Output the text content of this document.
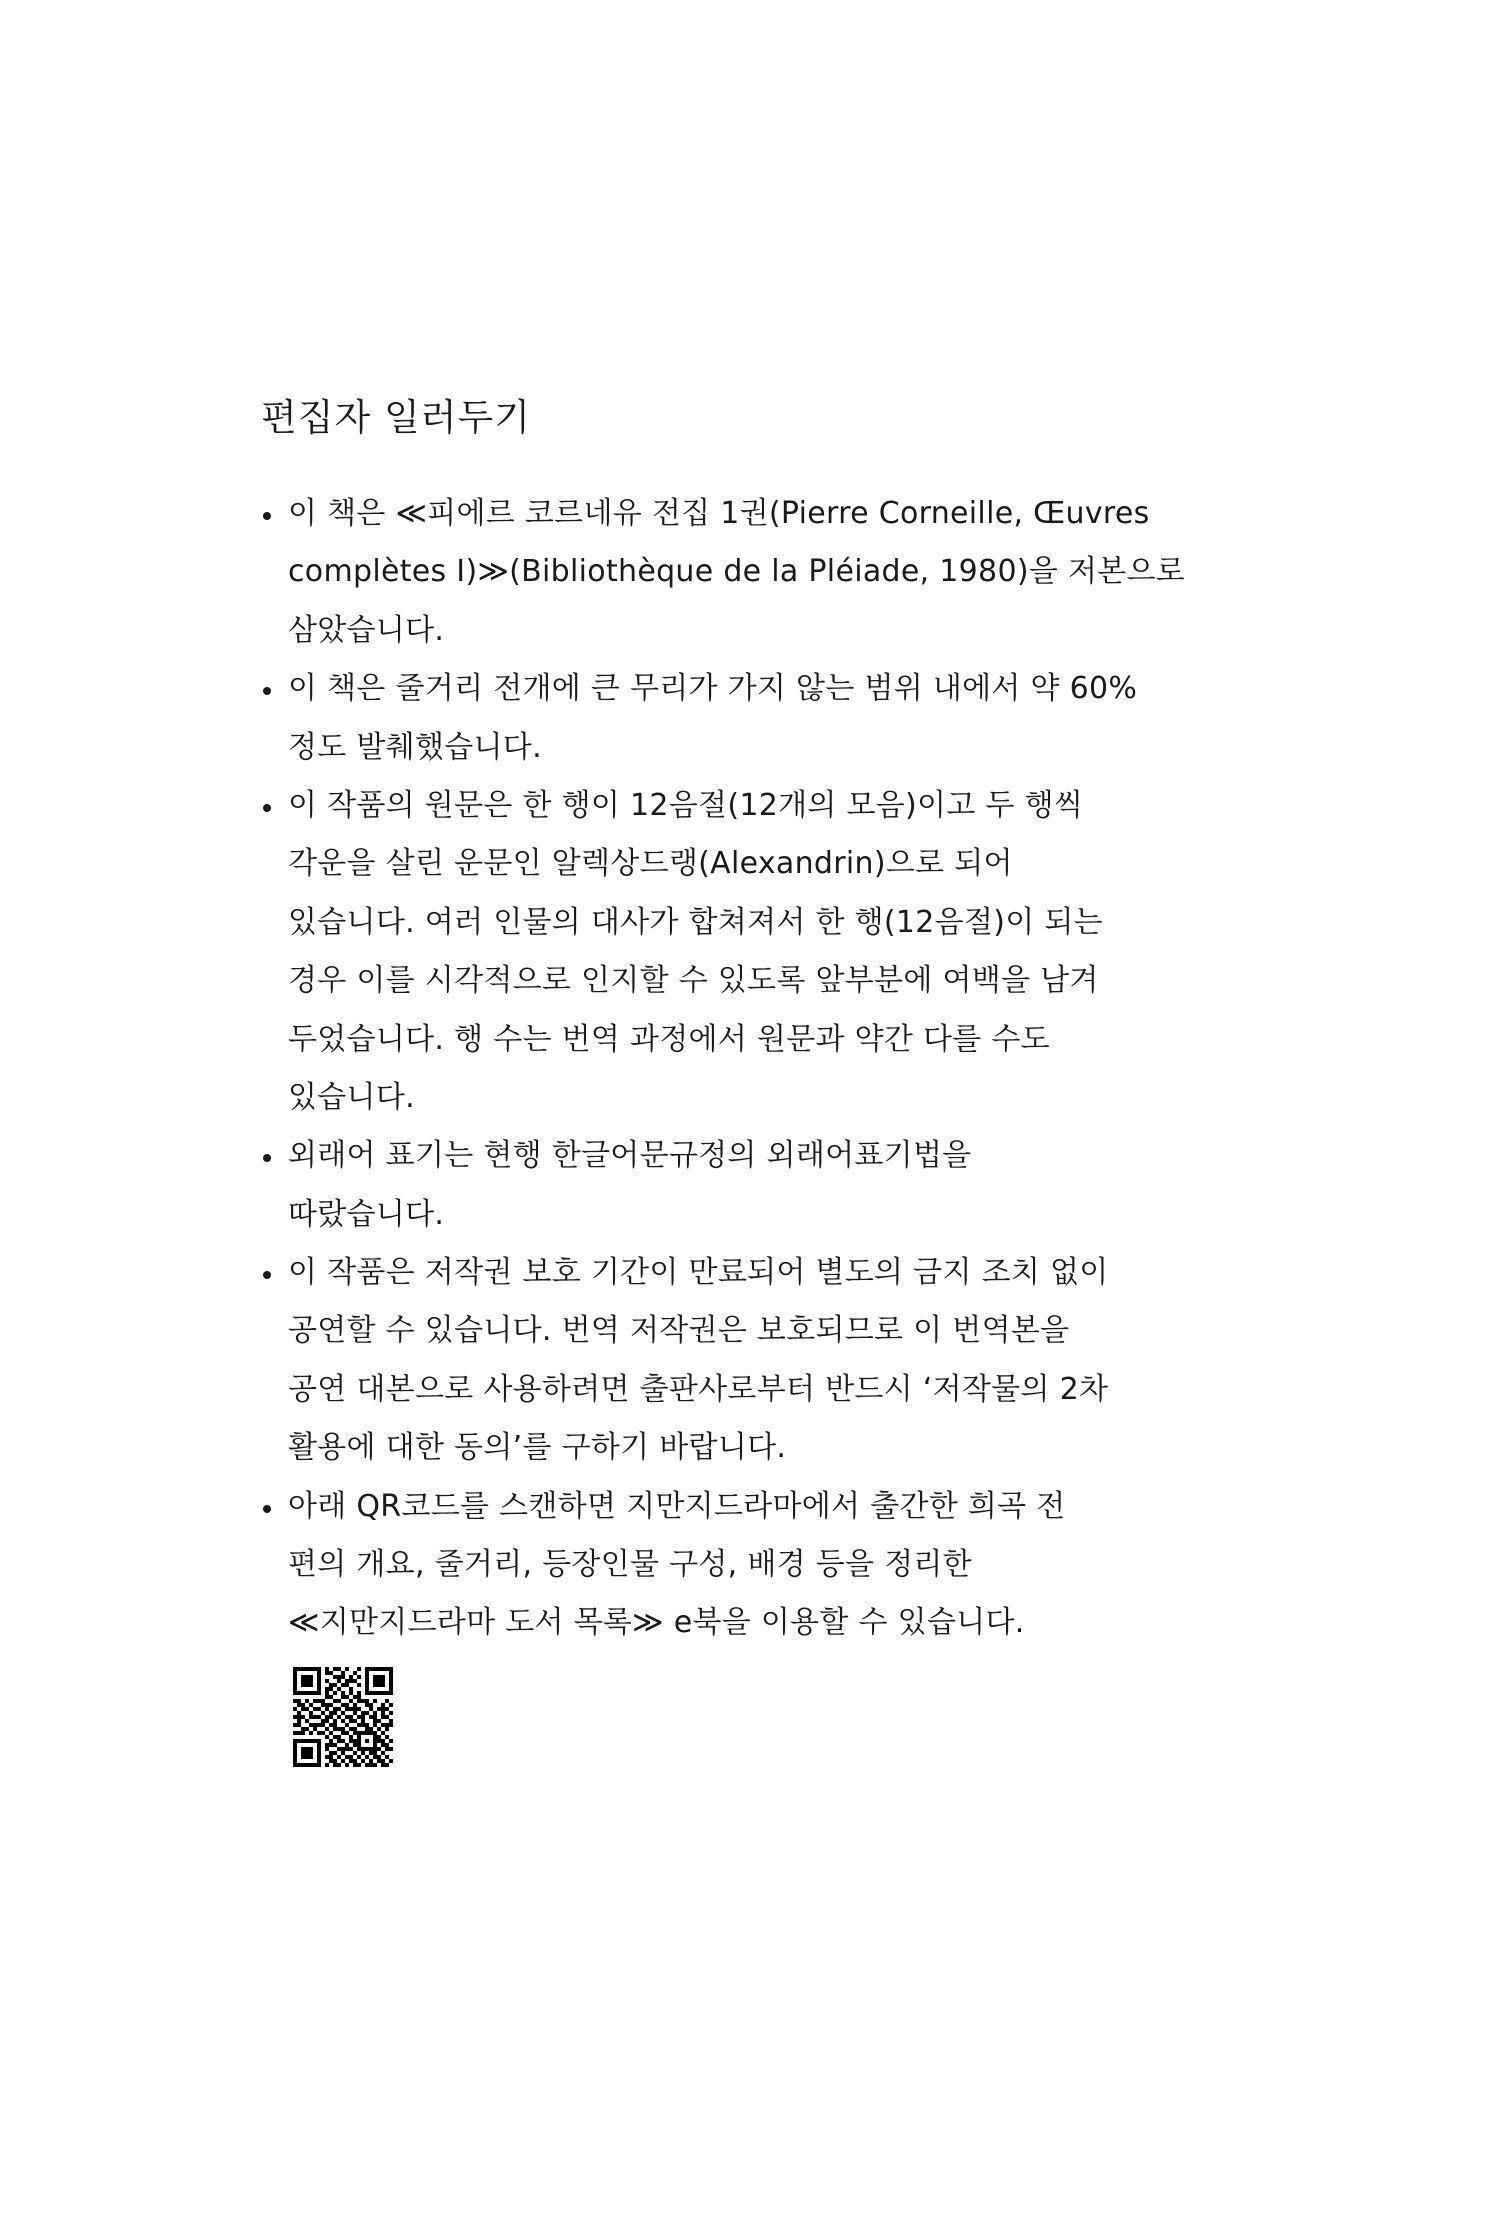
편집자 일러두기
이 책은 ≪피에르 코르네유 전집 1권(Pierre Corneille, Œuvres
complètes I)≫(Bibliothèque de la Pléiade, 1980)을 저본으로
삼았습니다.
이 책은 줄거리 전개에 큰 무리가 가지 않는 범위 내에서 약 60%
정도 발췌했습니다.
이 작품의 원문은 한 행이 12음절(12개의 모음)이고 두 행씩
각운을 살린 운문인 알렉상드랭(Alexandrin)으로 되어
있습니다. 여러 인물의 대사가 합쳐져서 한 행(12음절)이 되는
경우 이를 시각적으로 인지할 수 있도록 앞부분에 여백을 남겨
두었습니다. 행 수는 번역 과정에서 원문과 약간 다를 수도
있습니다.
외래어 표기는 현행 한글어문규정의 외래어표기법을
따랐습니다.
이 작품은 저작권 보호 기간이 만료되어 별도의 금지 조치 없이
공연할 수 있습니다. 번역 저작권은 보호되므로 이 번역본을
공연 대본으로 사용하려면 출판사로부터 반드시 ‘저작물의 2차
활용에 대한 동의’를 구하기 바랍니다.
아래 QR코드를 스캔하면 지만지드라마에서 출간한 희곡 전
편의 개요, 줄거리, 등장인물 구성, 배경 등을 정리한
≪지만지드라마 도서 목록≫ e북을 이용할 수 있습니다.
